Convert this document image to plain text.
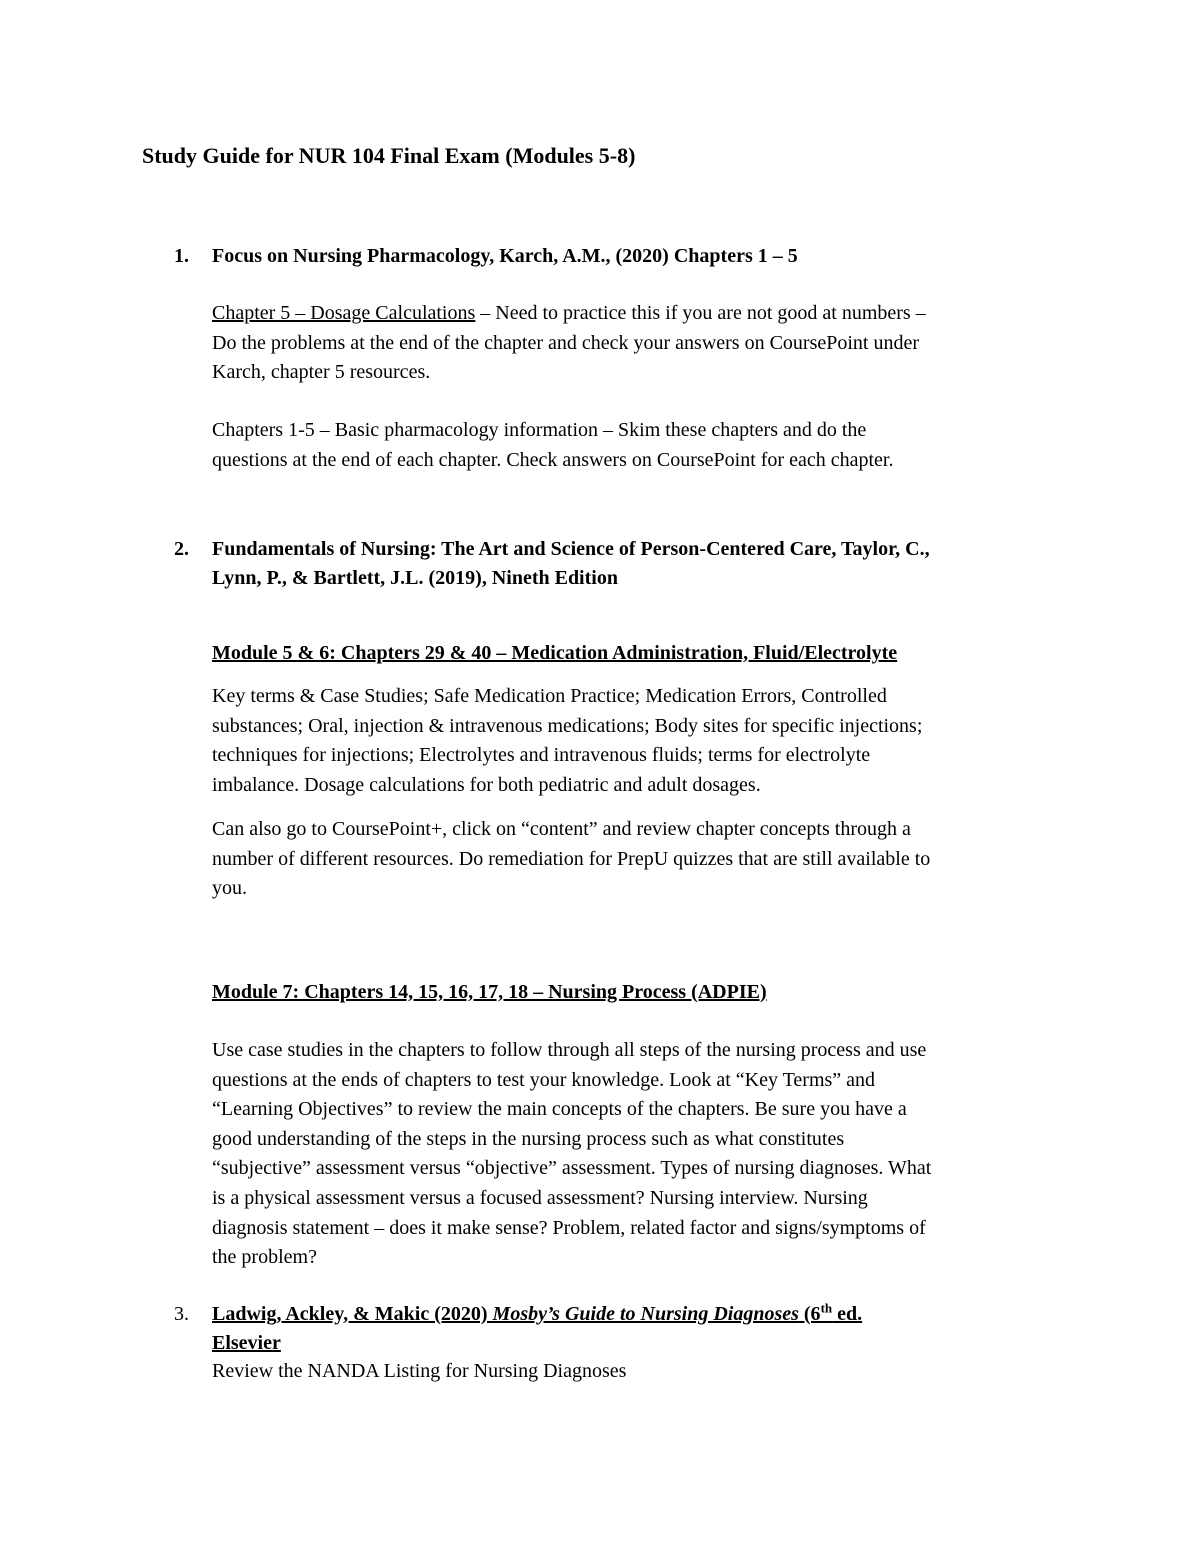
Study Guide for NUR 104 Final Exam (Modules 5-8)
1. Focus on Nursing Pharmacology, Karch, A.M., (2020) Chapters 1 – 5
Chapter 5 – Dosage Calculations – Need to practice this if you are not good at numbers –
Do the problems at the end of the chapter and check your answers on CoursePoint under
Karch, chapter 5 resources.
Chapters 1-5 – Basic pharmacology information – Skim these chapters and do the
questions at the end of each chapter. Check answers on CoursePoint for each chapter.
2. Fundamentals of Nursing: The Art and Science of Person-Centered Care, Taylor, C.,
Lynn, P., & Bartlett, J.L. (2019), Nineth Edition
Module 5 & 6: Chapters 29 & 40 – Medication Administration, Fluid/Electrolyte
Key terms & Case Studies; Safe Medication Practice; Medication Errors, Controlled
substances; Oral, injection & intravenous medications; Body sites for specific injections;
techniques for injections; Electrolytes and intravenous fluids; terms for electrolyte
imbalance. Dosage calculations for both pediatric and adult dosages.
Can also go to CoursePoint+, click on “content” and review chapter concepts through a
number of different resources. Do remediation for PrepU quizzes that are still available to
you.
Module 7: Chapters 14, 15, 16, 17, 18 – Nursing Process (ADPIE)
Use case studies in the chapters to follow through all steps of the nursing process and use
questions at the ends of chapters to test your knowledge. Look at “Key Terms” and
“Learning Objectives” to review the main concepts of the chapters. Be sure you have a
good understanding of the steps in the nursing process such as what constitutes
“subjective” assessment versus “objective” assessment. Types of nursing diagnoses. What
is a physical assessment versus a focused assessment? Nursing interview. Nursing
diagnosis statement – does it make sense? Problem, related factor and signs/symptoms of
the problem?
3. Ladwig, Ackley, & Makic (2020) Mosby’s Guide to Nursing Diagnoses (6th ed.
Elsevier
Review the NANDA Listing for Nursing Diagnoses
